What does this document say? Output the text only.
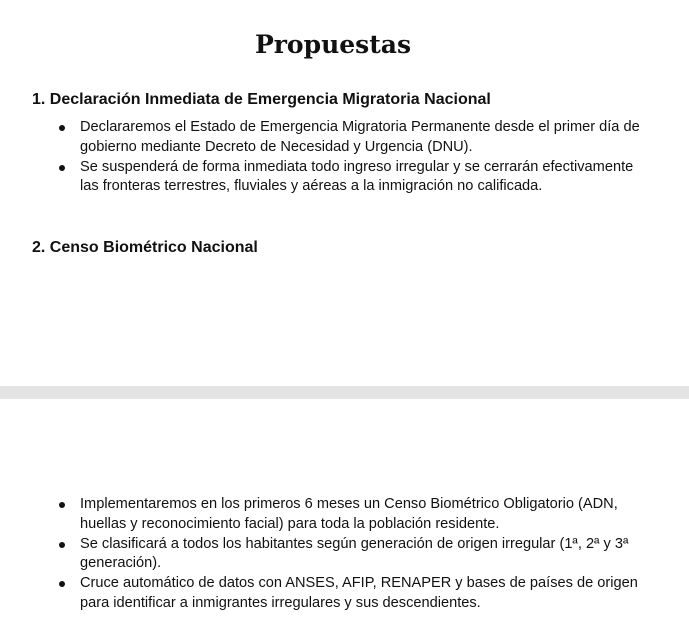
Propuestas
1. Declaración Inmediata de Emergencia Migratoria Nacional
Declararemos el Estado de Emergencia Migratoria Permanente desde el primer día de gobierno mediante Decreto de Necesidad y Urgencia (DNU).
Se suspenderá de forma inmediata todo ingreso irregular y se cerrarán efectivamente las fronteras terrestres, fluviales y aéreas a la inmigración no calificada.
2. Censo Biométrico Nacional
Implementaremos en los primeros 6 meses un Censo Biométrico Obligatorio (ADN, huellas y reconocimiento facial) para toda la población residente.
Se clasificará a todos los habitantes según generación de origen irregular (1ª, 2ª y 3ª generación).
Cruce automático de datos con ANSES, AFIP, RENAPER y bases de países de origen para identificar a inmigrantes irregulares y sus descendientes.
